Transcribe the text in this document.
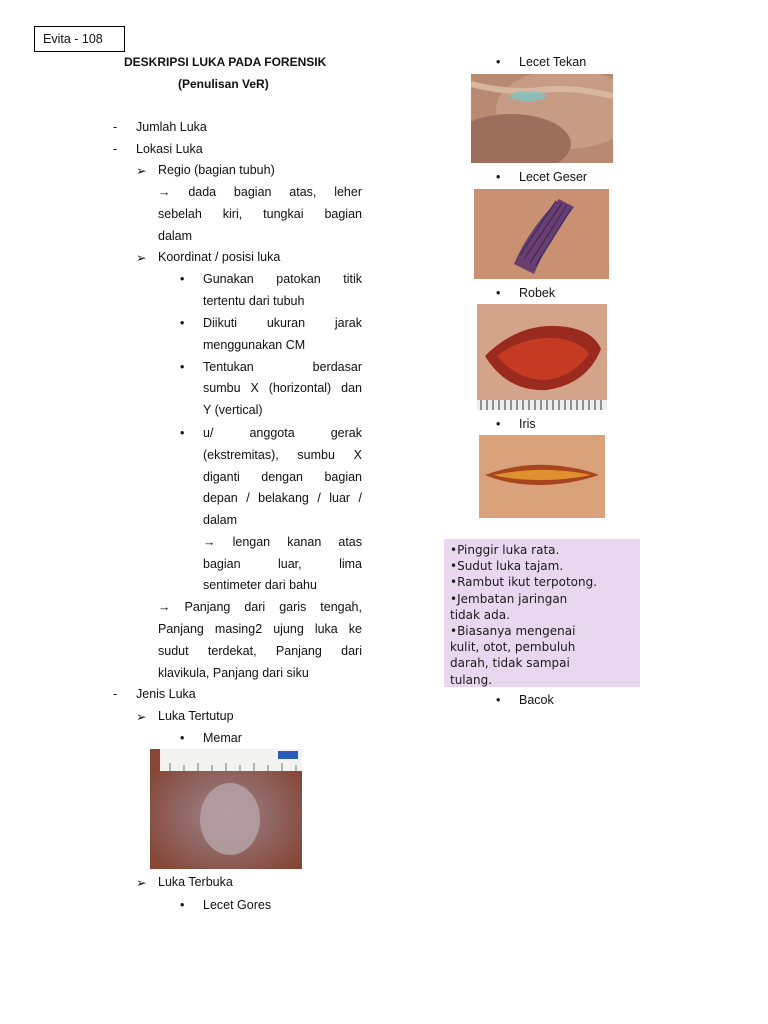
Evita - 108
DESKRIPSI LUKA PADA FORENSIK
(Penulisan VeR)
- Jumlah Luka
- Lokasi Luka
➢ Regio (bagian tubuh)
→ dada bagian atas, leher
sebelah kiri, tungkai bagian
dalam
➢ Koordinat / posisi luka
•
Gunakan patokan titik
tertentu dari tubuh
•
Diikuti ukuran jarak
menggunakan CM
•
Tentukan berdasar
sumbu X (horizontal) dan
Y (vertical)
•
u/ anggota gerak
(ekstremitas), sumbu X
diganti dengan bagian
depan / belakang / luar /
dalam
→ lengan kanan atas
bagian luar, lima
sentimeter dari bahu
→ Panjang dari garis tengah,
Panjang masing2 ujung luka ke
sudut terdekat, Panjang dari
klavikula, Panjang dari siku
- Jenis Luka
➢ Luka Tertutup
•
Memar
➢ Luka Terbuka
•
Lecet Gores
•
Lecet Tekan
•
Lecet Geser
•
Robek
•
Iris
•Pinggir luka rata.
•Sudut luka tajam.
•Rambut ikut terpotong.
•Jembatan jaringan
tidak ada.
•Biasanya mengenai
kulit, otot, pembuluh
darah, tidak sampai
tulang.
•
Bacok
